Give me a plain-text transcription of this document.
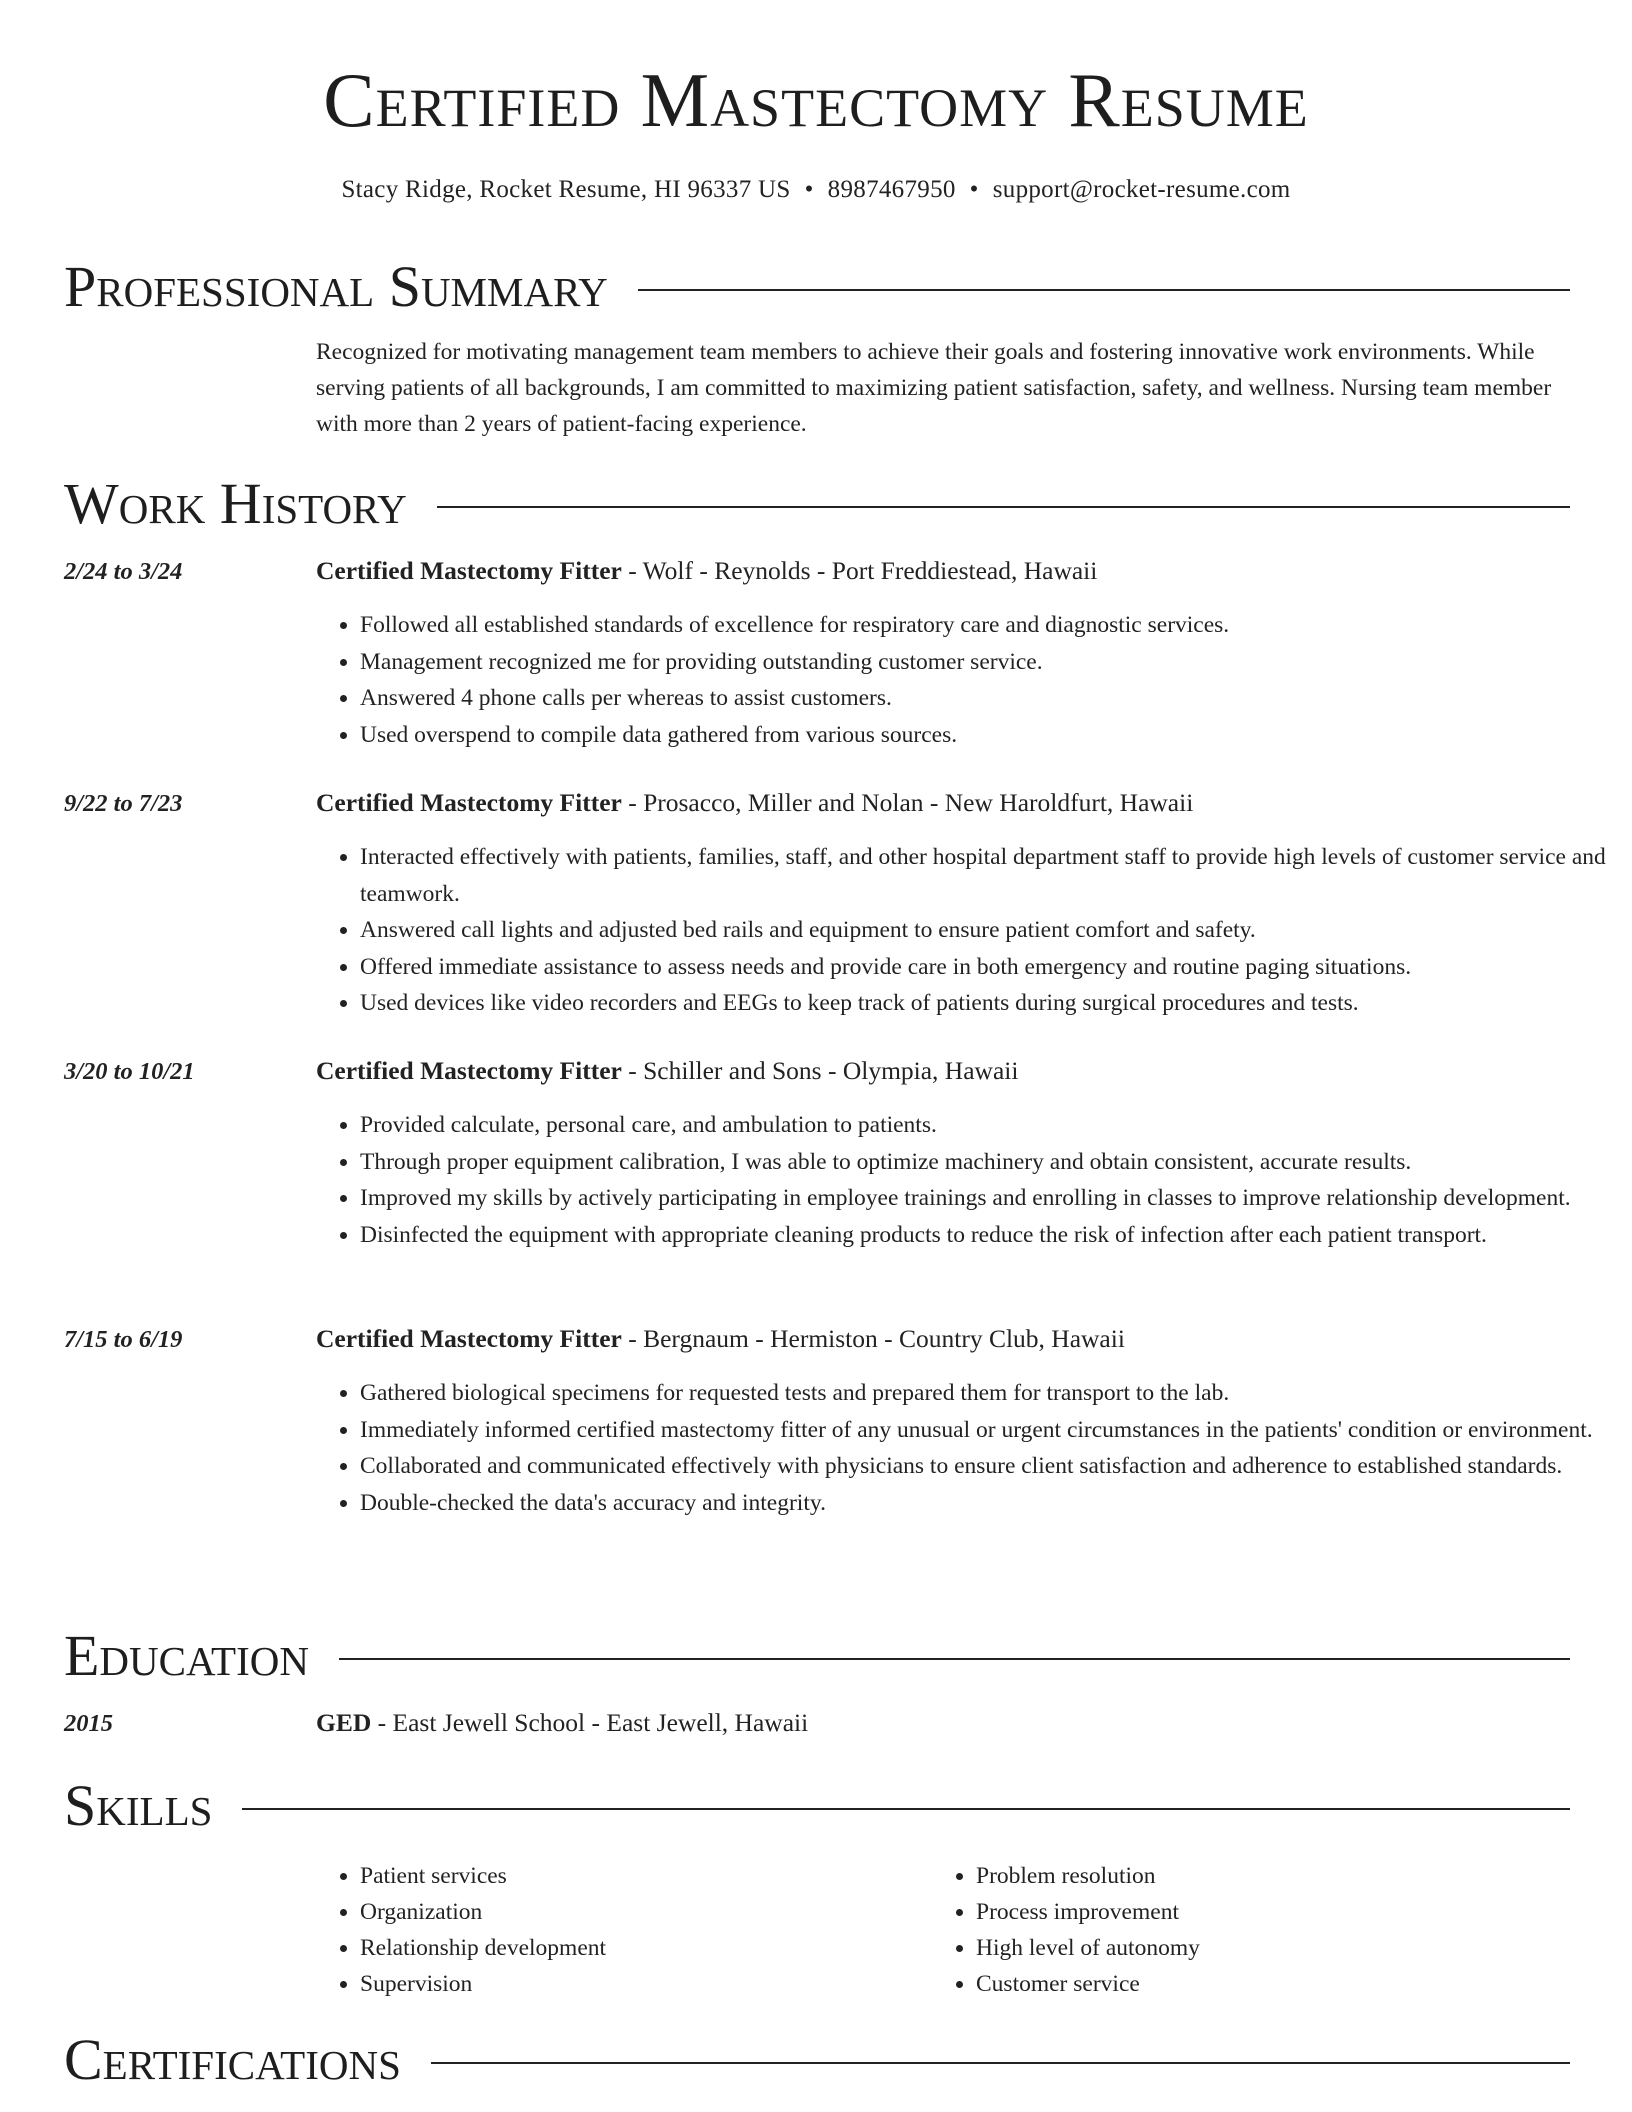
Certified Mastectomy Resume
Stacy Ridge, Rocket Resume, HI 96337 US • 8987467950 • support@rocket-resume.com
Professional Summary

Recognized for motivating management team members to achieve their goals and fostering innovative work environments. While serving patients of all backgrounds, I am committed to maximizing patient satisfaction, safety, and wellness. Nursing team member with more than 2 years of patient-facing experience.

Work History
2/24 to 3/24	Certified Mastectomy Fitter - Wolf - Reynolds - Port Freddiestead, Hawaii
• Followed all established standards of excellence for respiratory care and diagnostic services.
• Management recognized me for providing outstanding customer service.
• Answered 4 phone calls per whereas to assist customers.
• Used overspend to compile data gathered from various sources.
9/22 to 7/23	Certified Mastectomy Fitter - Prosacco, Miller and Nolan - New Haroldfurt, Hawaii
• Interacted effectively with patients, families, staff, and other hospital department staff to provide high levels of customer service and teamwork.
• Answered call lights and adjusted bed rails and equipment to ensure patient comfort and safety.
• Offered immediate assistance to assess needs and provide care in both emergency and routine paging situations.
• Used devices like video recorders and EEGs to keep track of patients during surgical procedures and tests.
3/20 to 10/21	Certified Mastectomy Fitter - Schiller and Sons - Olympia, Hawaii
• Provided calculate, personal care, and ambulation to patients.
• Through proper equipment calibration, I was able to optimize machinery and obtain consistent, accurate results.
• Improved my skills by actively participating in employee trainings and enrolling in classes to improve relationship development.
• Disinfected the equipment with appropriate cleaning products to reduce the risk of infection after each patient transport.
7/15 to 6/19	Certified Mastectomy Fitter - Bergnaum - Hermiston - Country Club, Hawaii
• Gathered biological specimens for requested tests and prepared them for transport to the lab.
• Immediately informed certified mastectomy fitter of any unusual or urgent circumstances in the patients' condition or environment.
• Collaborated and communicated effectively with physicians to ensure client satisfaction and adherence to established standards.
• Double-checked the data's accuracy and integrity.
Education
2015	GED - East Jewell School - East Jewell, Hawaii
Skills
• Patient services
• Organization
• Relationship development
• Supervision
• Problem resolution
• Process improvement
• High level of autonomy
• Customer service
Certifications
